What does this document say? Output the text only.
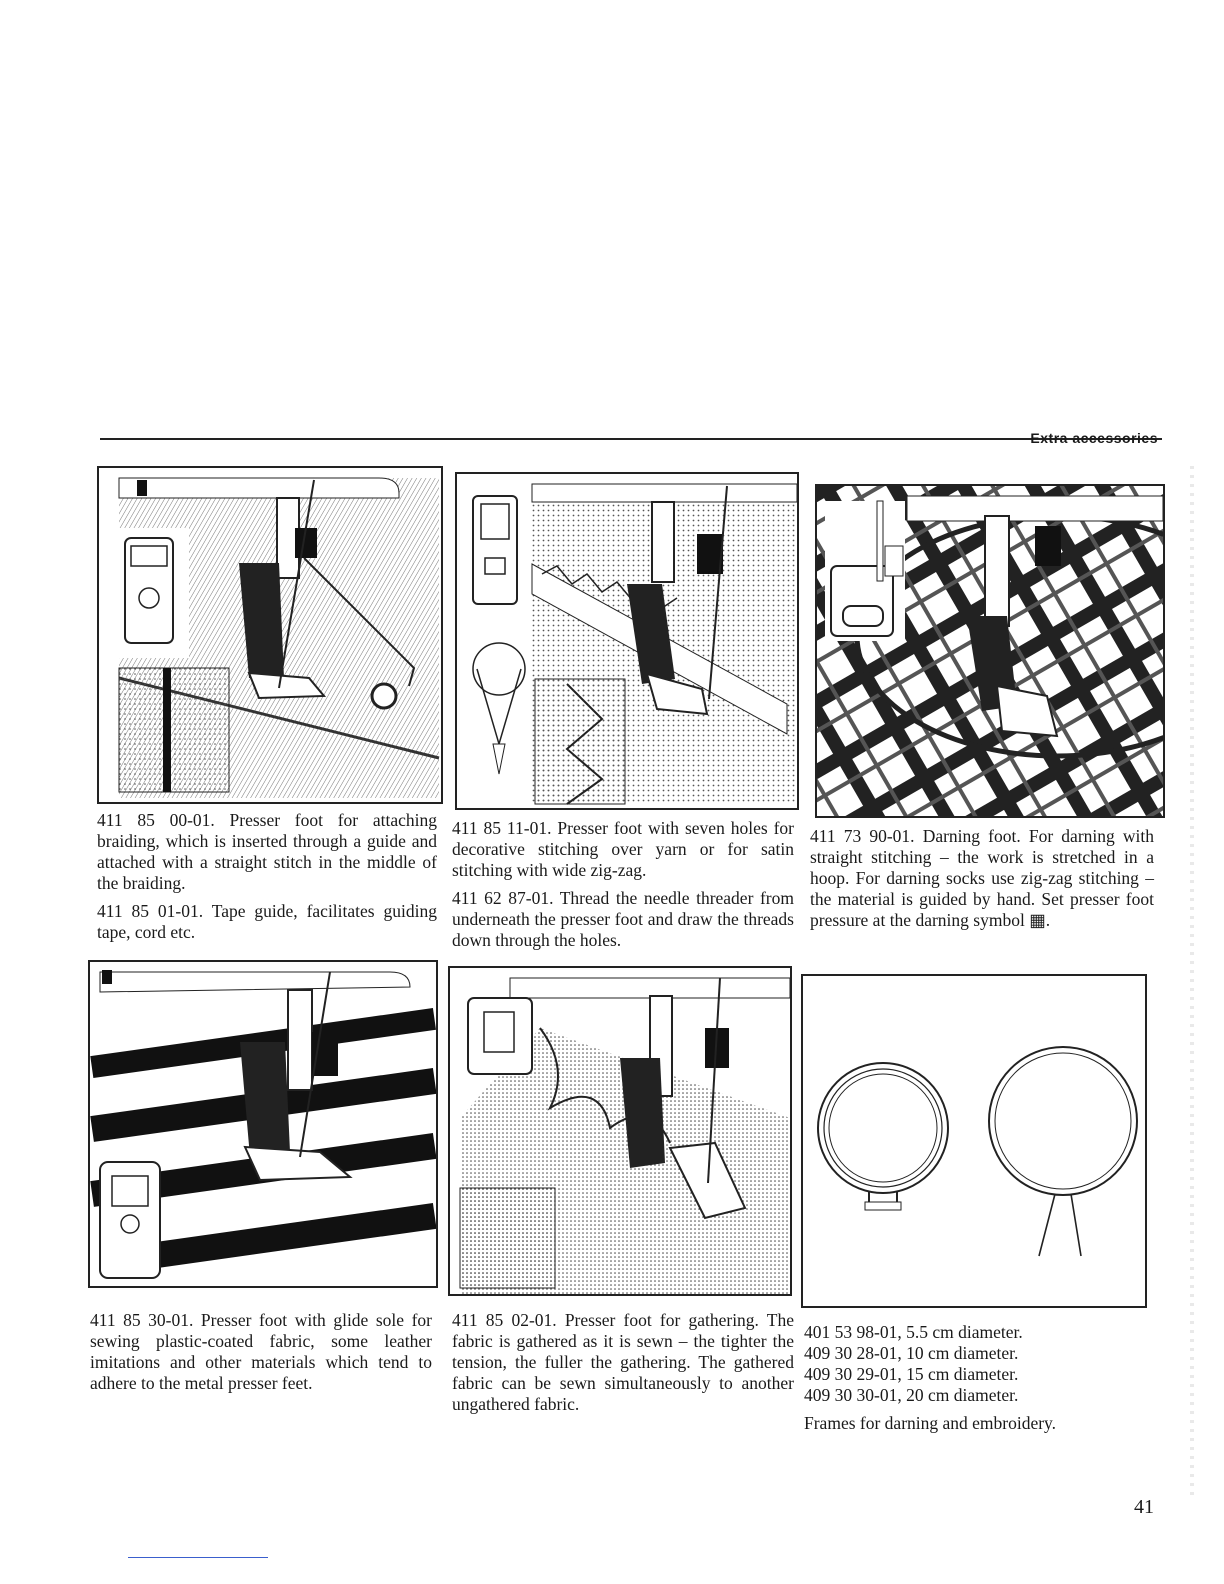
Extra accessories

411 85 00-01. Presser foot for attaching braiding, which is inserted through a guide and attached with a straight stitch in the middle of the braiding.

411 85 01-01. Tape guide, facilitates guiding tape, cord etc.

411 85 11-01. Presser foot with seven holes for decorative stitching over yarn or for satin stitching with wide zig-zag.

411 62 87-01. Thread the needle threader from underneath the presser foot and draw the threads down through the holes.

411 73 90-01. Darning foot. For darning with straight stitching – the work is stretched in a hoop. For darning socks use zig-zag stitching – the material is guided by hand. Set presser foot pressure at the darning symbol ▦.

411 85 30-01. Presser foot with glide sole for sewing plastic-coated fabric, some leather imitations and other materials which tend to adhere to the metal presser feet.

411 85 02-01. Presser foot for gathering. The fabric is gathered as it is sewn – the tighter the tension, the fuller the gathering. The gathered fabric can be sewn simultaneously to another ungathered fabric.

401 53 98-01, 5.5 cm diameter.
409 30 28-01, 10 cm diameter.
409 30 29-01, 15 cm diameter.
409 30 30-01, 20 cm diameter.
Frames for darning and embroidery.
41
